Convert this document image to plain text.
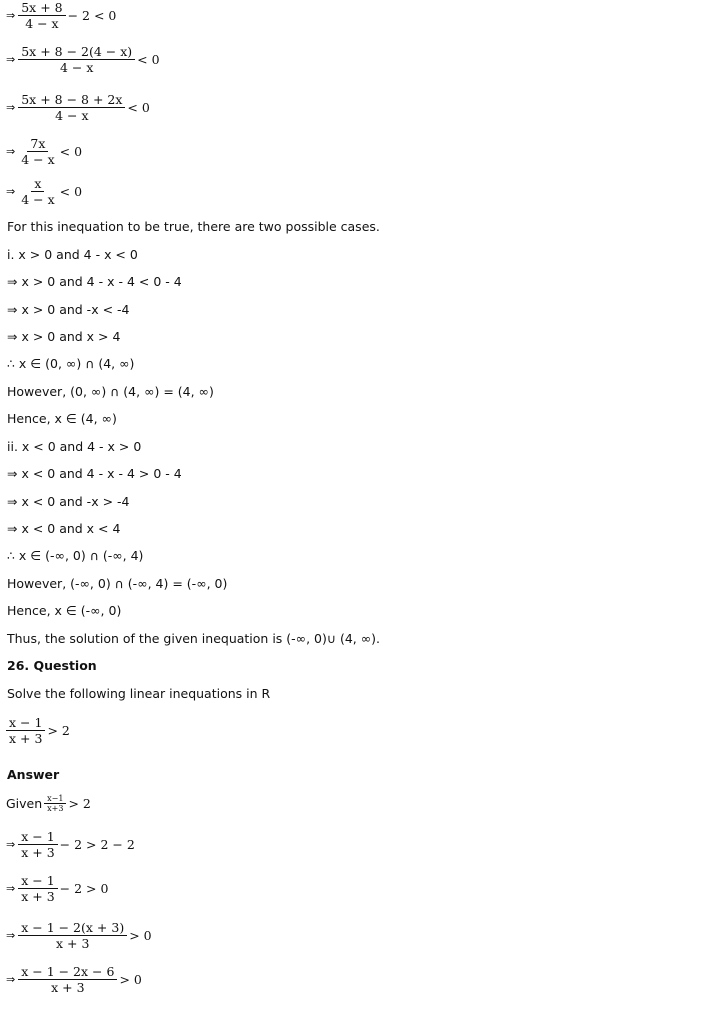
⇒ $\frac{5x + 8}{4 - x} - 2 < 0$
⇒ $\frac{5x + 8 - 2(4 - x)}{4 - x} < 0$
⇒ $\frac{5x + 8 - 8 + 2x}{4 - x} < 0$
⇒ $\frac{7x}{4 - x} < 0$
⇒ $\frac{x}{4 - x} < 0$
For this inequation to be true, there are two possible cases.
i. x > 0 and 4 - x < 0
⇒ x > 0 and 4 - x - 4 < 0 - 4
⇒ x > 0 and -x < -4
⇒ x > 0 and x > 4
∴ x ∈ (0, ∞) ∩ (4, ∞)
However, (0, ∞) ∩ (4, ∞) = (4, ∞)
Hence, x ∈ (4, ∞)
ii. x < 0 and 4 - x > 0
⇒ x < 0 and 4 - x - 4 > 0 - 4
⇒ x < 0 and -x > -4
⇒ x < 0 and x < 4
∴ x ∈ (-∞, 0) ∩ (-∞, 4)
However, (-∞, 0) ∩ (-∞, 4) = (-∞, 0)
Hence, x ∈ (-∞, 0)
Thus, the solution of the given inequation is (-∞, 0)∪ (4, ∞).
26. Question
Solve the following linear inequations in R
$\frac{x - 1}{x + 3} > 2$
Answer
Given $\frac{x-1}{x+3} > 2$
⇒ $\frac{x - 1}{x + 3} - 2 > 2 - 2$
⇒ $\frac{x - 1}{x + 3} - 2 > 0$
⇒ $\frac{x - 1 - 2(x + 3)}{x + 3} > 0$
⇒ $\frac{x - 1 - 2x - 6}{x + 3} > 0$
